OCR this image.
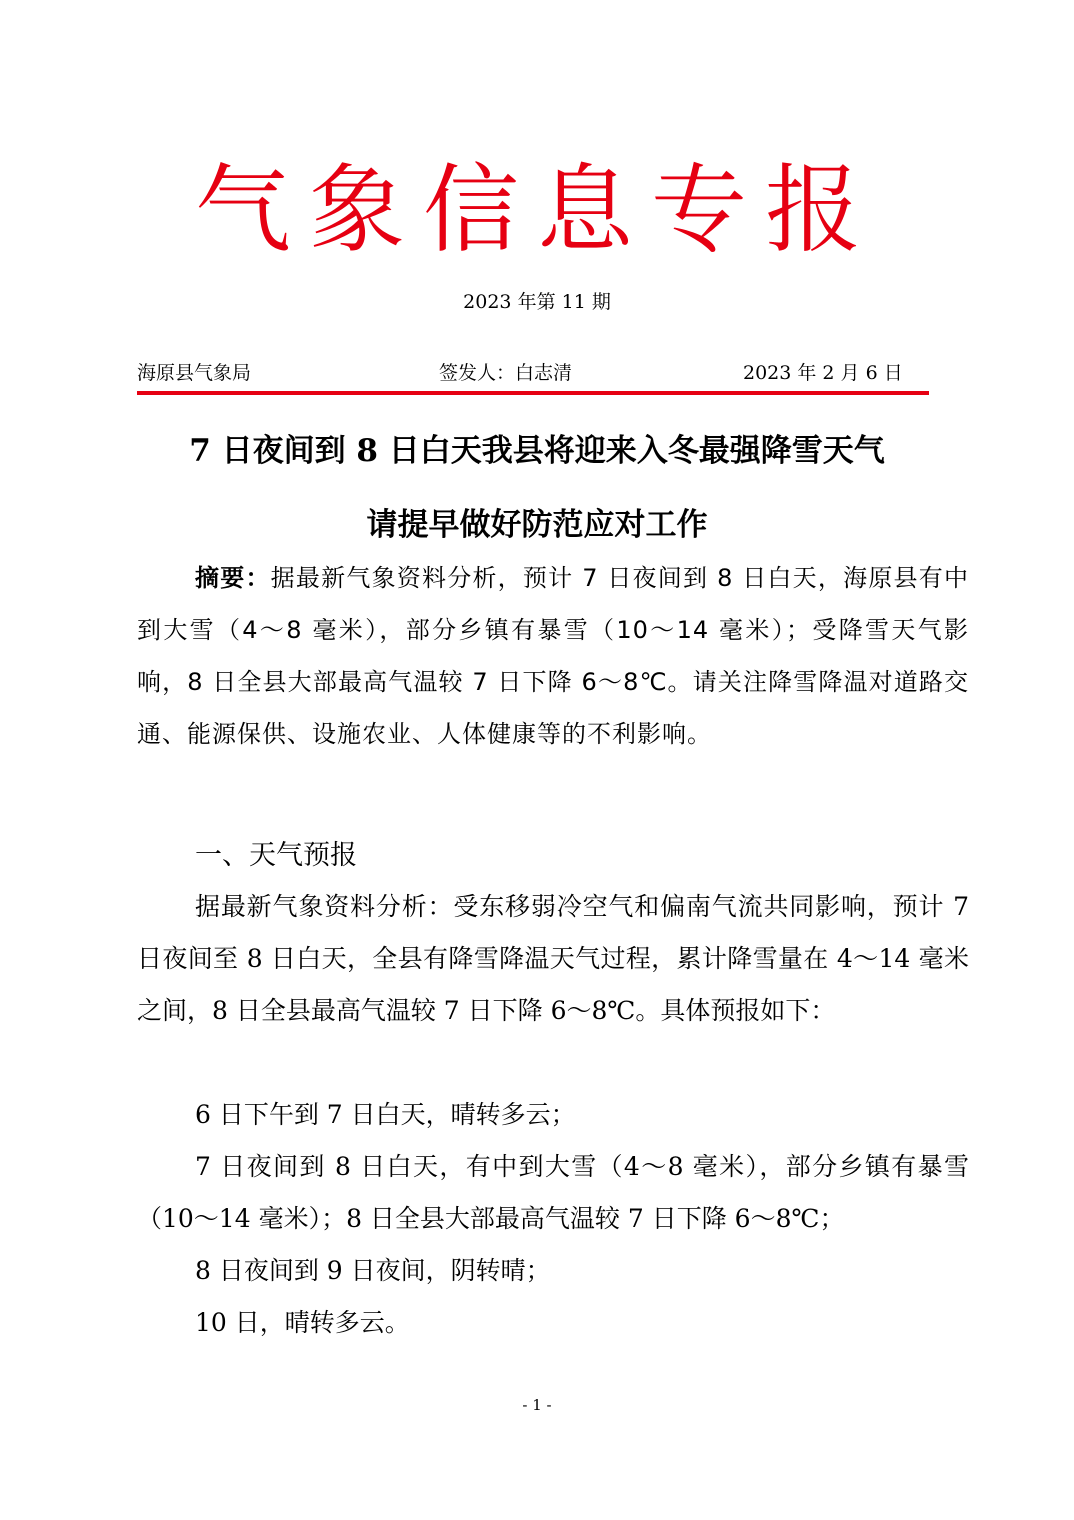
气象信息专报
2023 年第 11 期
海原县气象局	签发人：白志清	2023 年 2 月 6 日
7 日夜间到 8 日白天我县将迎来入冬最强降雪天气
请提早做好防范应对工作

摘要：据最新气象资料分析，预计 7 日夜间到 8 日白天，海原县有中到大雪（4～8 毫米），部分乡镇有暴雪（10～14 毫米）；受降雪天气影响，8 日全县大部最高气温较 7 日下降 6～8℃。请关注降雪降温对道路交通、能源保供、设施农业、人体健康等的不利影响。

一、天气预报

据最新气象资料分析：受东移弱冷空气和偏南气流共同影响，预计 7 日夜间至 8 日白天，全县有降雪降温天气过程，累计降雪量在 4～14 毫米之间，8 日全县最高气温较 7 日下降 6～8℃。具体预报如下：

6 日下午到 7 日白天，晴转多云；

7 日夜间到 8 日白天，有中到大雪（4～8 毫米），部分乡镇有暴雪（10～14 毫米）；8 日全县大部最高气温较 7 日下降 6～8℃；

8 日夜间到 9 日夜间，阴转晴；
10 日，晴转多云。
- 1 -
